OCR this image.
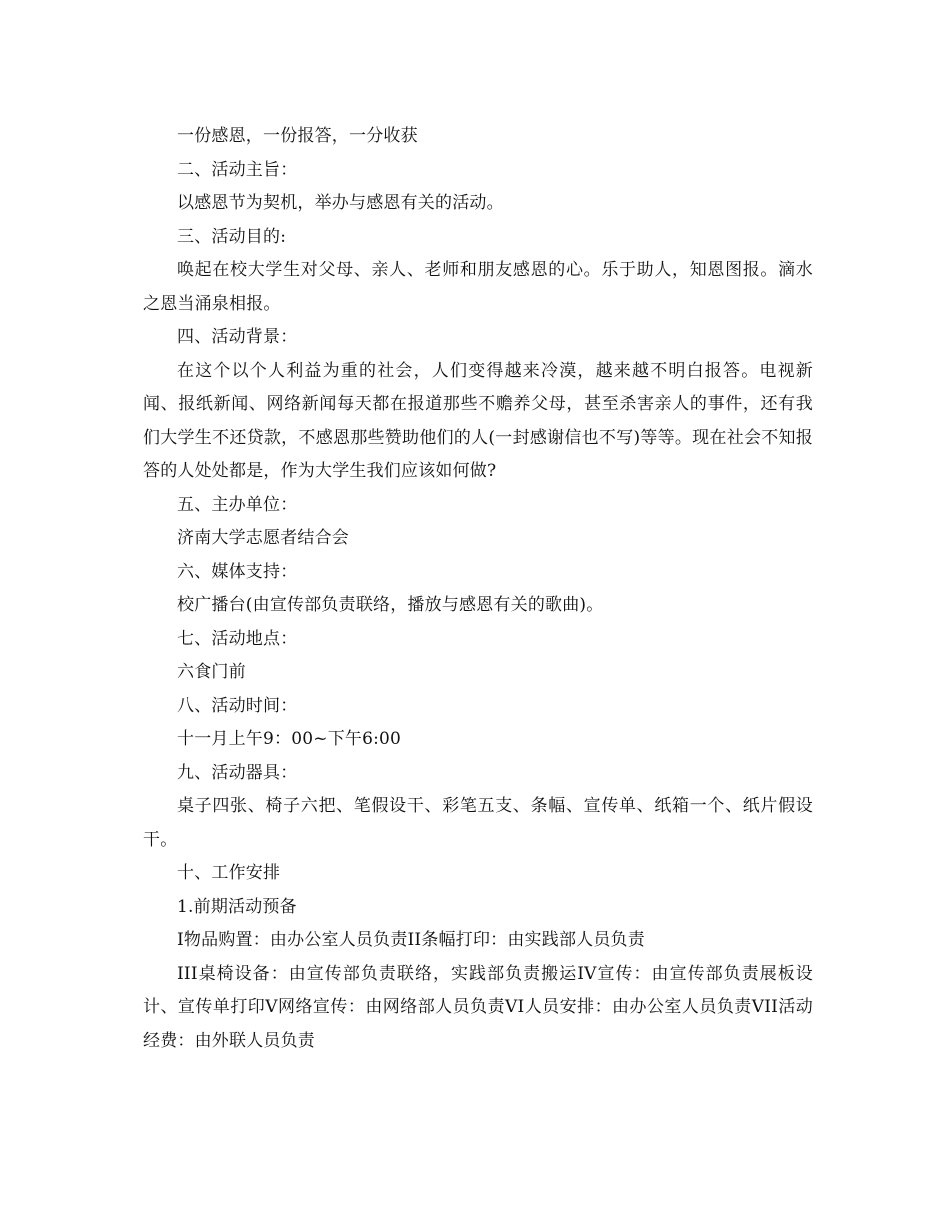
一份感恩，一份报答，一分收获

二、活动主旨：

以感恩节为契机，举办与感恩有关的活动。

三、活动目的:

唤起在校大学生对父母、亲人、老师和朋友感恩的心。乐于助人，知恩图报。滴水之恩当涌泉相报。

四、活动背景：

在这个以个人利益为重的社会，人们变得越来冷漠，越来越不明白报答。电视新闻、报纸新闻、网络新闻每天都在报道那些不赡养父母，甚至杀害亲人的事件，还有我们大学生不还贷款，不感恩那些赞助他们的人(一封感谢信也不写)等等。现在社会不知报答的人处处都是，作为大学生我们应该如何做?

五、主办单位：

济南大学志愿者结合会

六、媒体支持：

校广播台(由宣传部负责联络，播放与感恩有关的歌曲)。

七、活动地点：

六食门前

八、活动时间：

十一月上午9：00~下午6:00

九、活动器具：

桌子四张、椅子六把、笔假设干、彩笔五支、条幅、宣传单、纸箱一个、纸片假设干。

十、工作安排

1.前期活动预备

I物品购置：由办公室人员负责II条幅打印：由实践部人员负责

III桌椅设备：由宣传部负责联络，实践部负责搬运IV宣传：由宣传部负责展板设计、宣传单打印V网络宣传：由网络部人员负责VI人员安排：由办公室人员负责VII活动经费：由外联人员负责
